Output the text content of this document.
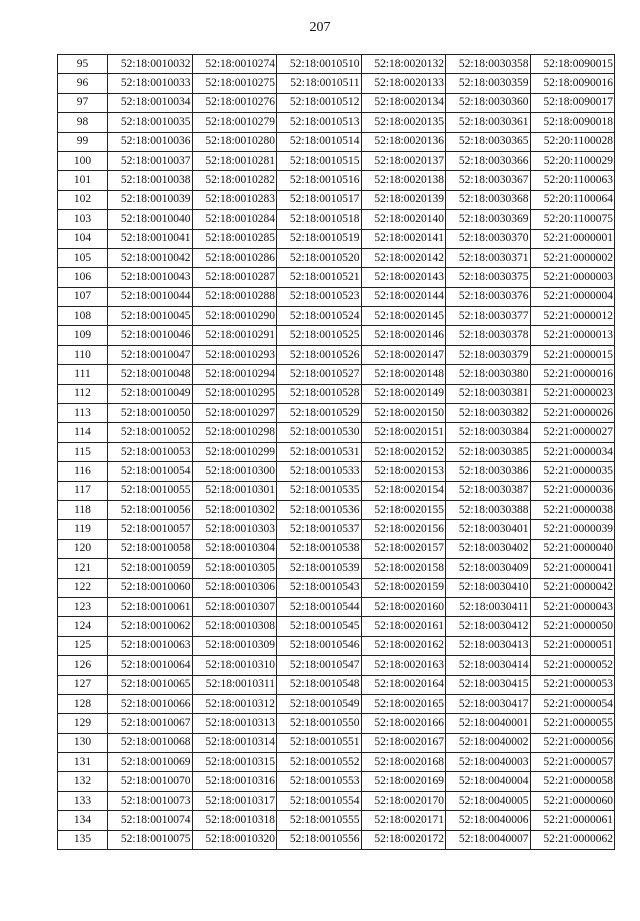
207
95	52:18:0010032	52:18:0010274	52:18:0010510	52:18:0020132	52:18:0030358	52:18:0090015
96	52:18:0010033	52:18:0010275	52:18:0010511	52:18:0020133	52:18:0030359	52:18:0090016
97	52:18:0010034	52:18:0010276	52:18:0010512	52:18:0020134	52:18:0030360	52:18:0090017
98	52:18:0010035	52:18:0010279	52:18:0010513	52:18:0020135	52:18:0030361	52:18:0090018
99	52:18:0010036	52:18:0010280	52:18:0010514	52:18:0020136	52:18:0030365	52:20:1100028
100	52:18:0010037	52:18:0010281	52:18:0010515	52:18:0020137	52:18:0030366	52:20:1100029
101	52:18:0010038	52:18:0010282	52:18:0010516	52:18:0020138	52:18:0030367	52:20:1100063
102	52:18:0010039	52:18:0010283	52:18:0010517	52:18:0020139	52:18:0030368	52:20:1100064
103	52:18:0010040	52:18:0010284	52:18:0010518	52:18:0020140	52:18:0030369	52:20:1100075
104	52:18:0010041	52:18:0010285	52:18:0010519	52:18:0020141	52:18:0030370	52:21:0000001
105	52:18:0010042	52:18:0010286	52:18:0010520	52:18:0020142	52:18:0030371	52:21:0000002
106	52:18:0010043	52:18:0010287	52:18:0010521	52:18:0020143	52:18:0030375	52:21:0000003
107	52:18:0010044	52:18:0010288	52:18:0010523	52:18:0020144	52:18:0030376	52:21:0000004
108	52:18:0010045	52:18:0010290	52:18:0010524	52:18:0020145	52:18:0030377	52:21:0000012
109	52:18:0010046	52:18:0010291	52:18:0010525	52:18:0020146	52:18:0030378	52:21:0000013
110	52:18:0010047	52:18:0010293	52:18:0010526	52:18:0020147	52:18:0030379	52:21:0000015
111	52:18:0010048	52:18:0010294	52:18:0010527	52:18:0020148	52:18:0030380	52:21:0000016
112	52:18:0010049	52:18:0010295	52:18:0010528	52:18:0020149	52:18:0030381	52:21:0000023
113	52:18:0010050	52:18:0010297	52:18:0010529	52:18:0020150	52:18:0030382	52:21:0000026
114	52:18:0010052	52:18:0010298	52:18:0010530	52:18:0020151	52:18:0030384	52:21:0000027
115	52:18:0010053	52:18:0010299	52:18:0010531	52:18:0020152	52:18:0030385	52:21:0000034
116	52:18:0010054	52:18:0010300	52:18:0010533	52:18:0020153	52:18:0030386	52:21:0000035
117	52:18:0010055	52:18:0010301	52:18:0010535	52:18:0020154	52:18:0030387	52:21:0000036
118	52:18:0010056	52:18:0010302	52:18:0010536	52:18:0020155	52:18:0030388	52:21:0000038
119	52:18:0010057	52:18:0010303	52:18:0010537	52:18:0020156	52:18:0030401	52:21:0000039
120	52:18:0010058	52:18:0010304	52:18:0010538	52:18:0020157	52:18:0030402	52:21:0000040
121	52:18:0010059	52:18:0010305	52:18:0010539	52:18:0020158	52:18:0030409	52:21:0000041
122	52:18:0010060	52:18:0010306	52:18:0010543	52:18:0020159	52:18:0030410	52:21:0000042
123	52:18:0010061	52:18:0010307	52:18:0010544	52:18:0020160	52:18:0030411	52:21:0000043
124	52:18:0010062	52:18:0010308	52:18:0010545	52:18:0020161	52:18:0030412	52:21:0000050
125	52:18:0010063	52:18:0010309	52:18:0010546	52:18:0020162	52:18:0030413	52:21:0000051
126	52:18:0010064	52:18:0010310	52:18:0010547	52:18:0020163	52:18:0030414	52:21:0000052
127	52:18:0010065	52:18:0010311	52:18:0010548	52:18:0020164	52:18:0030415	52:21:0000053
128	52:18:0010066	52:18:0010312	52:18:0010549	52:18:0020165	52:18:0030417	52:21:0000054
129	52:18:0010067	52:18:0010313	52:18:0010550	52:18:0020166	52:18:0040001	52:21:0000055
130	52:18:0010068	52:18:0010314	52:18:0010551	52:18:0020167	52:18:0040002	52:21:0000056
131	52:18:0010069	52:18:0010315	52:18:0010552	52:18:0020168	52:18:0040003	52:21:0000057
132	52:18:0010070	52:18:0010316	52:18:0010553	52:18:0020169	52:18:0040004	52:21:0000058
133	52:18:0010073	52:18:0010317	52:18:0010554	52:18:0020170	52:18:0040005	52:21:0000060
134	52:18:0010074	52:18:0010318	52:18:0010555	52:18:0020171	52:18:0040006	52:21:0000061
135	52:18:0010075	52:18:0010320	52:18:0010556	52:18:0020172	52:18:0040007	52:21:0000062
